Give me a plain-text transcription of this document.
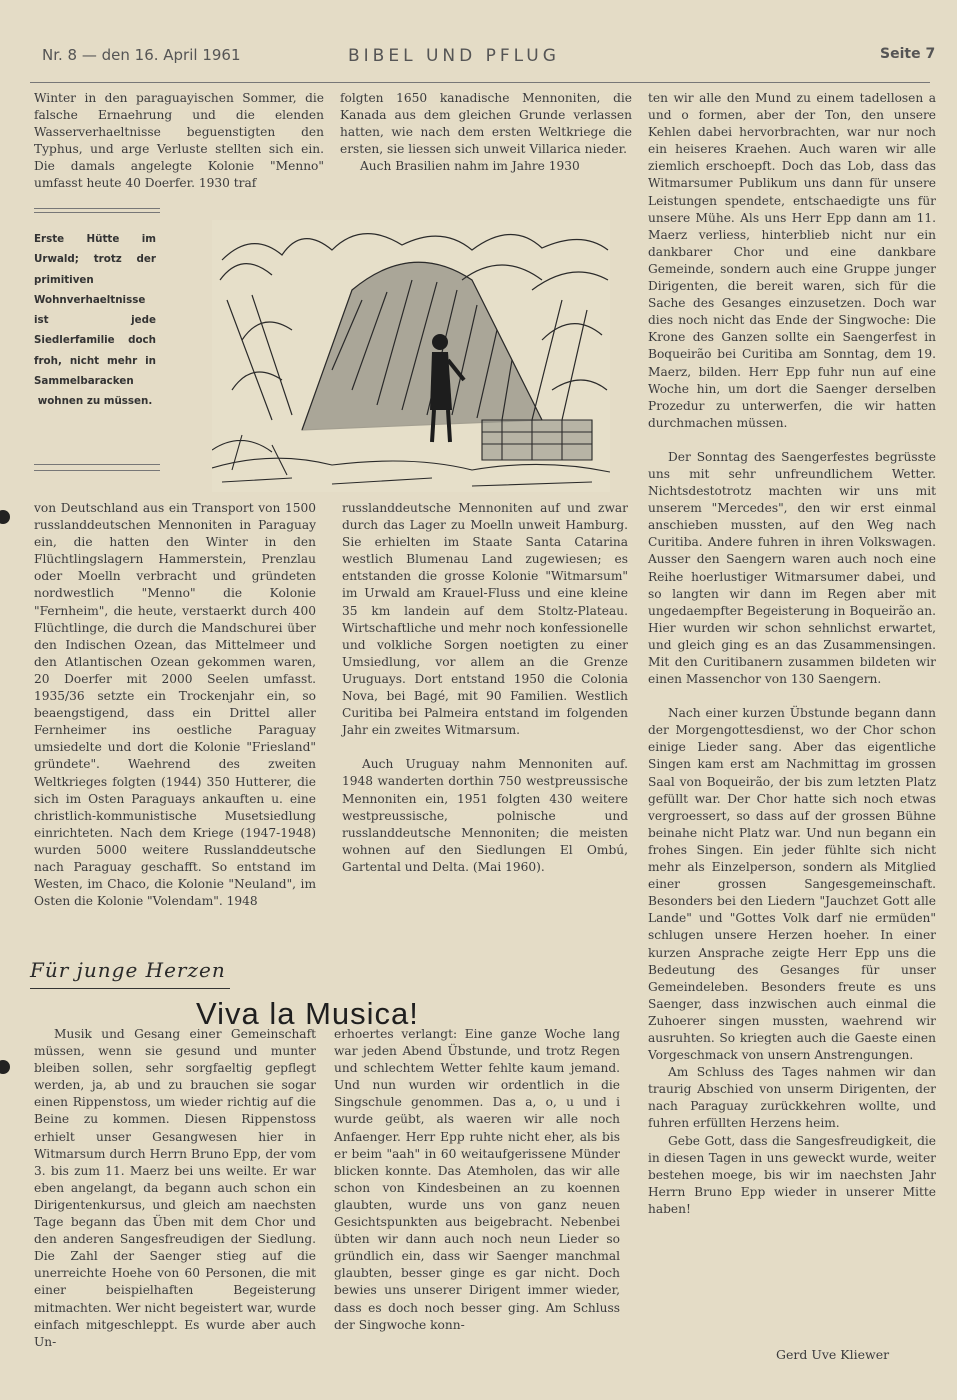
Nr. 8 — den 16. April 1961	BIBEL UND PFLUG	Seite 7

Winter in den paraguayischen Sommer, die falsche Ernaehrung und die elenden Wasserverhaeltnisse beguenstigten den Typhus, und arge Verluste stellten sich ein. Die damals angelegte Kolonie "Menno" umfasst heute 40 Doerfer. 1930 traf

folgten 1650 kanadische Mennoniten, die Kanada aus dem gleichen Grunde verlassen hatten, wie nach dem ersten Weltkriege die ersten, sie liessen sich unweit Villarica nieder.

Auch Brasilien nahm im Jahre 1930

Erste Hütte im Urwald; trotz der primitiven Wohnverhaeltnisse ist jede Siedlerfamilie doch froh, nicht mehr in Sammelbaracken wohnen zu müssen.

von Deutschland aus ein Transport von 1500 russlanddeutschen Mennoniten in Paraguay ein, die hatten den Winter in den Flüchtlingslagern Hammerstein, Prenzlau oder Moelln verbracht und gründeten nordwestlich "Menno" die Kolonie "Fernheim", die heute, verstaerkt durch 400 Flüchtlinge, die durch die Mandschurei über den Indischen Ozean, das Mittelmeer und den Atlantischen Ozean gekommen waren, 20 Doerfer mit 2000 Seelen umfasst. 1935/36 setzte ein Trockenjahr ein, so beaengstigend, dass ein Drittel aller Fernheimer ins oestliche Paraguay umsiedelte und dort die Kolonie "Friesland" gründete". Waehrend des zweiten Weltkrieges folgten (1944) 350 Hutterer, die sich im Osten Paraguays ankauften u. eine christlich-kommunistische Musetsiedlung einrichteten. Nach dem Kriege (1947-1948) wurden 5000 weitere Russlanddeutsche nach Paraguay geschafft. So entstand im Westen, im Chaco, die Kolonie "Neuland", im Osten die Kolonie "Volendam". 1948

russlanddeutsche Mennoniten auf und zwar durch das Lager zu Moelln unweit Hamburg. Sie erhielten im Staate Santa Catarina westlich Blumenau Land zugewiesen; es entstanden die grosse Kolonie "Witmarsum" im Urwald am Krauel-Fluss und eine kleine 35 km landein auf dem Stoltz-Plateau. Wirtschaftliche und mehr noch konfessionelle und volkliche Sorgen noetigten zu einer Umsiedlung, vor allem an die Grenze Uruguays. Dort entstand 1950 die Colonia Nova, bei Bagé, mit 90 Familien. Westlich Curitiba bei Palmeira entstand im folgenden Jahr ein zweites Witmarsum.

Auch Uruguay nahm Mennoniten auf. 1948 wanderten dorthin 750 westpreussische Mennoniten ein, 1951 folgten 430 weitere westpreussische, polnische und russlanddeutsche Mennoniten; die meisten wohnen auf den Siedlungen El Ombú, Gartental und Delta. (Mai 1960).

Für junge Herzen
Viva la Musica!

Musik und Gesang einer Gemeinschaft müssen, wenn sie gesund und munter bleiben sollen, sehr sorgfaeltig gepflegt werden, ja, ab und zu brauchen sie sogar einen Rippenstoss, um wieder richtig auf die Beine zu kommen. Diesen Rippenstoss erhielt unser Gesangwesen hier in Witmarsum durch Herrn Bruno Epp, der vom 3. bis zum 11. Maerz bei uns weilte. Er war eben angelangt, da begann auch schon ein Dirigentenkursus, und gleich am naechsten Tage begann das Üben mit dem Chor und den anderen Sangesfreudigen der Siedlung. Die Zahl der Saenger stieg auf die unerreichte Hoehe von 60 Personen, die mit einer beispielhaften Begeisterung mitmachten. Wer nicht begeistert war, wurde einfach mitgeschleppt. Es wurde aber auch Un-

erhoertes verlangt: Eine ganze Woche lang war jeden Abend Übstunde, und trotz Regen und schlechtem Wetter fehlte kaum jemand. Und nun wurden wir ordentlich in die Singschule genommen. Das a, o, u und i wurde geübt, als waeren wir alle noch Anfaenger. Herr Epp ruhte nicht eher, als bis er beim "aah" in 60 weitaufgerissene Münder blicken konnte. Das Atemholen, das wir alle schon von Kindesbeinen an zu koennen glaubten, wurde uns von ganz neuen Gesichtspunkten aus beigebracht. Nebenbei übten wir dann auch noch neun Lieder so gründlich ein, dass wir Saenger manchmal glaubten, besser ginge es gar nicht. Doch bewies uns unserer Dirigent immer wieder, dass es doch noch besser ging. Am Schluss der Singwoche konn-

ten wir alle den Mund zu einem tadellosen a und o formen, aber der Ton, den unsere Kehlen dabei hervorbrachten, war nur noch ein heiseres Kraehen. Auch waren wir alle ziemlich erschoepft. Doch das Lob, dass das Witmarsumer Publikum uns dann für unsere Leistungen spendete, entschaedigte uns für unsere Mühe. Als uns Herr Epp dann am 11. Maerz verliess, hinterblieb nicht nur ein dankbarer Chor und eine dankbare Gemeinde, sondern auch eine Gruppe junger Dirigenten, die bereit waren, sich für die Sache des Gesanges einzusetzen. Doch war dies noch nicht das Ende der Singwoche: Die Krone des Ganzen sollte ein Saengerfest in Boqueirão bei Curitiba am Sonntag, dem 19. Maerz, bilden. Herr Epp fuhr nun auf eine Woche hin, um dort die Saenger derselben Prozedur zu unterwerfen, die wir hatten durchmachen müssen.

Der Sonntag des Saengerfestes begrüsste uns mit sehr unfreundlichem Wetter. Nichtsdestotrotz machten wir uns mit unserem "Mercedes", den wir erst einmal anschieben mussten, auf den Weg nach Curitiba. Andere fuhren in ihren Volkswagen. Ausser den Saengern waren auch noch eine Reihe hoerlustiger Witmarsumer dabei, und so langten wir dann im Regen aber mit ungedaempfter Begeisterung in Boqueirão an. Hier wurden wir schon sehnlichst erwartet, und gleich ging es an das Zusammensingen. Mit den Curitibanern zusammen bildeten wir einen Massenchor von 130 Saengern.

Nach einer kurzen Übstunde begann dann der Morgengottesdienst, wo der Chor schon einige Lieder sang. Aber das eigentliche Singen kam erst am Nachmittag im grossen Saal von Boqueirão, der bis zum letzten Platz gefüllt war. Der Chor hatte sich noch etwas vergroessert, so dass auf der grossen Bühne beinahe nicht Platz war. Und nun begann ein frohes Singen. Ein jeder fühlte sich nicht mehr als Einzelperson, sondern als Mitglied einer grossen Sangesgemeinschaft. Besonders bei den Liedern "Jauchzet Gott alle Lande" und "Gottes Volk darf nie ermüden" schlugen unsere Herzen hoeher. In einer kurzen Ansprache zeigte Herr Epp uns die Bedeutung des Gesanges für unser Gemeindeleben. Besonders freute es uns Saenger, dass inzwischen auch einmal die Zuhoerer singen mussten, waehrend wir ausruhten. So kriegten auch die Gaeste einen Vorgeschmack von unsern Anstrengungen.

Am Schluss des Tages nahmen wir dan traurig Abschied von unserm Dirigenten, der nach Paraguay zurückkehren wollte, und fuhren erfüllten Herzens heim.

Gebe Gott, dass die Sangesfreudigkeit, die in diesen Tagen in uns geweckt wurde, weiter bestehen moege, bis wir im naechsten Jahr Herrn Bruno Epp wieder in unserer Mitte haben!

Gerd Uve Kliewer
